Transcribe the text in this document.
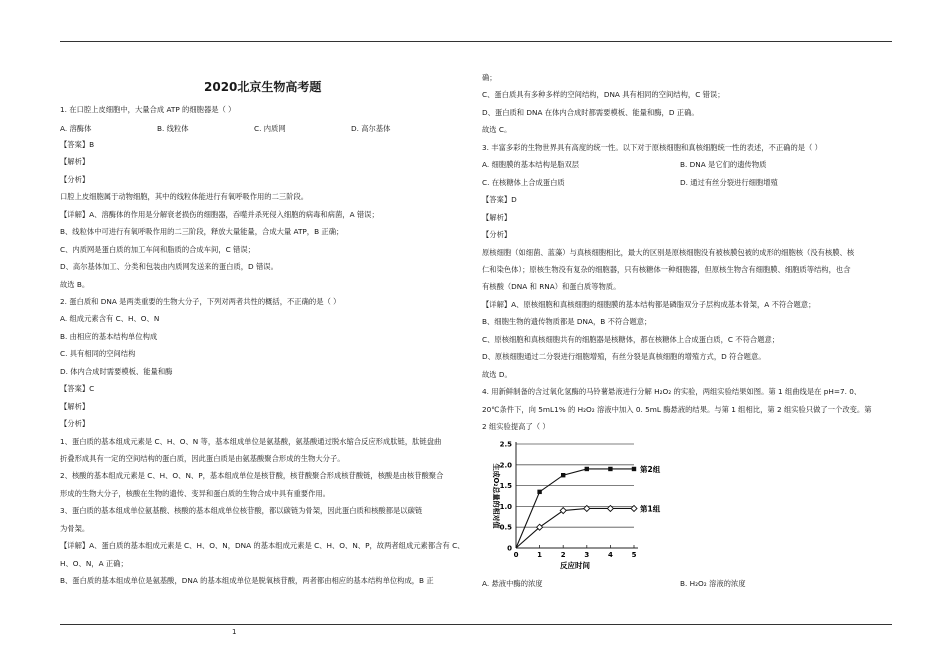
2020北京生物高考题
1. 在口腔上皮细胞中，大量合成 ATP 的细胞器是（ ）
【答案】B
【解析】
【分析】
口腔上皮细胞属于动物细胞，其中的线粒体能进行有氧呼吸作用的二三阶段。
【详解】A、溶酶体的作用是分解衰老损伤的细胞器，吞噬并杀死侵入细胞的病毒和病菌，A 错误；
B、线粒体中可进行有氧呼吸作用的二三阶段，释放大量能量，合成大量 ATP，B 正确；
C、内质网是蛋白质的加工车间和脂质的合成车间，C 错误；
D、高尔基体加工、分类和包装由内质网发送来的蛋白质，D 错误。
故选 B。
2. 蛋白质和 DNA 是两类重要的生物大分子，下列对两者共性的概括，不正确的是（ ）
A. 组成元素含有 C、H、O、N
B. 由相应的基本结构单位构成
C. 具有相同的空间结构
D. 体内合成时需要模板、能量和酶
【答案】C
【解析】
【分析】
1、蛋白质的基本组成元素是 C、H、O、N 等，基本组成单位是氨基酸，氨基酸通过脱水缩合反应形成肽链，肽链盘曲
折叠形成具有一定的空间结构的蛋白质，因此蛋白质是由氨基酸聚合形成的生物大分子。
2、核酸的基本组成元素是 C、H、O、N、P，基本组成单位是核苷酸，核苷酸聚合形成核苷酸链，核酸是由核苷酸聚合
形成的生物大分子，核酸在生物的遗传、变异和蛋白质的生物合成中具有重要作用。
3、蛋白质的基本组成单位氨基酸、核酸的基本组成单位核苷酸，都以碳链为骨架，因此蛋白质和核酸都是以碳链
为骨架。
【详解】A、蛋白质的基本组成元素是 C、H、O、N，DNA 的基本组成元素是 C、H、O、N、P，故两者组成元素都含有 C、
H、O、N，A 正确；
B、蛋白质的基本组成单位是氨基酸，DNA 的基本组成单位是脱氧核苷酸，两者都由相应的基本结构单位构成，B 正
确；
C、蛋白质具有多种多样的空间结构，DNA 具有相同的空间结构，C 错误；
D、蛋白质和 DNA 在体内合成时都需要模板、能量和酶，D 正确。
故选 C。
3. 丰富多彩的生物世界具有高度的统一性。以下对于原核细胞和真核细胞统一性的表述，不正确的是（ ）
【答案】D
【解析】
【分析】
原核细胞（如细菌、蓝藻）与真核细胞相比，最大的区别是原核细胞没有被核膜包被的成形的细胞核（没有核膜、核
仁和染色体）；原核生物没有复杂的细胞器，只有核糖体一种细胞器，但原核生物含有细胞膜、细胞质等结构，也含
有核酸（DNA 和 RNA）和蛋白质等物质。
【详解】A、原核细胞和真核细胞的细胞膜的基本结构都是磷脂双分子层构成基本骨架，A 不符合题意；
B、细胞生物的遗传物质都是 DNA，B 不符合题意；
C、原核细胞和真核细胞共有的细胞器是核糖体，都在核糖体上合成蛋白质，C 不符合题意；
D、原核细胞通过二分裂进行细胞增殖，有丝分裂是真核细胞的增殖方式，D 符合题意。
故选 D。
4. 用新鲜制备的含过氧化氢酶的马铃薯悬液进行分解 H₂O₂ 的实验，两组实验结果如图。第 1 组曲线是在 pH=7. 0、
20℃条件下，向 5mL1% 的 H₂O₂ 溶液中加入 0. 5mL 酶悬液的结果。与第 1 组相比，第 2 组实验只做了一个改变。第
2 组实验提高了（ ）
A. 溶酶体	B. 线粒体	C. 内质网	D. 高尔基体
A. 细胞膜的基本结构是脂双层	B. DNA 是它们的遗传物质
C. 在核糖体上合成蛋白质	D. 通过有丝分裂进行细胞增殖
0
0.5
1.0
1.5
2.0
2.5
0	1	2	3	4	5
反应时间
生成O₂总量的相对值	第2组
第1组
A. 悬液中酶的浓度	B. H₂O₂ 溶液的浓度
1
